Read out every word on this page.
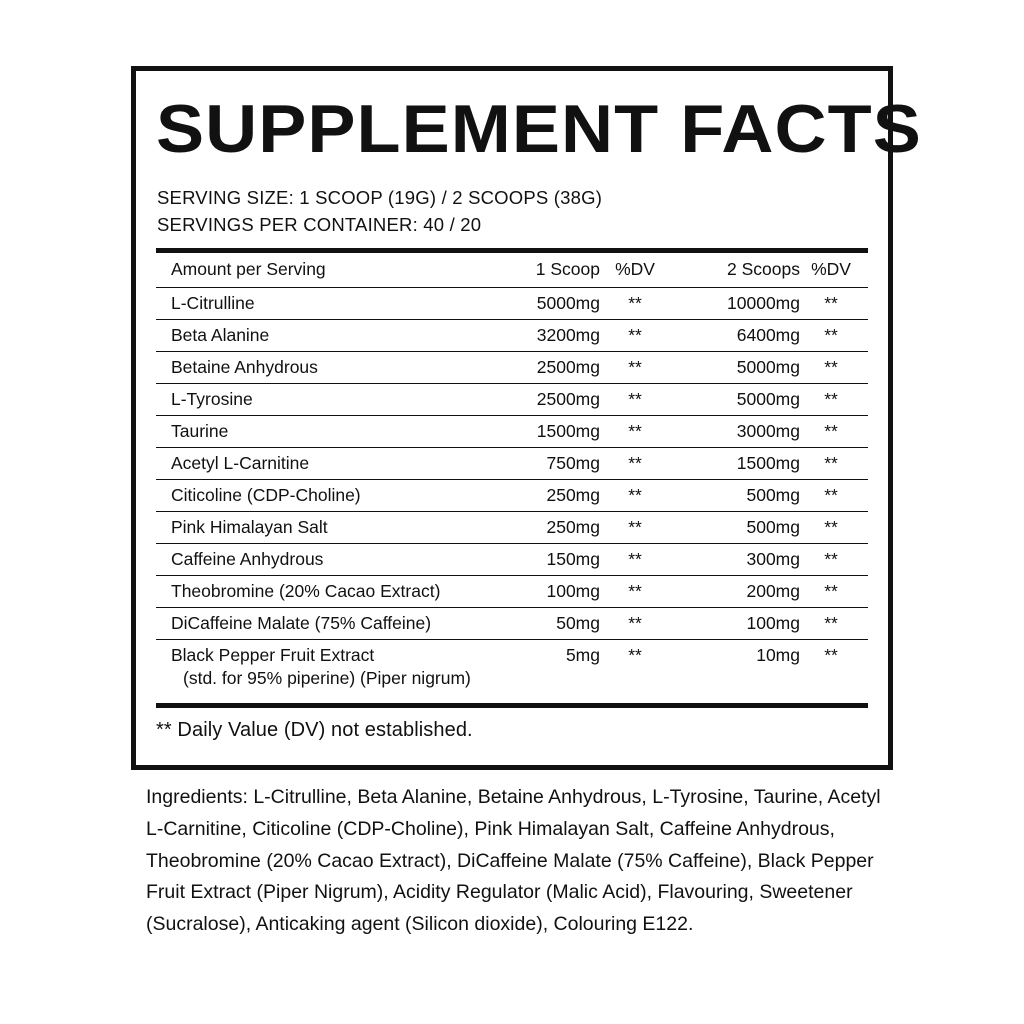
SUPPLEMENT FACTS
SERVING SIZE: 1 SCOOP (19G) / 2 SCOOPS (38G)
SERVINGS PER CONTAINER: 40 / 20
Amount per Serving	1 Scoop	%DV	2 Scoops	%DV
L-Citrulline	5000mg	**	10000mg	**
Beta Alanine	3200mg	**	6400mg	**
Betaine Anhydrous	2500mg	**	5000mg	**
L-Tyrosine	2500mg	**	5000mg	**
Taurine	1500mg	**	3000mg	**
Acetyl L-Carnitine	750mg	**	1500mg	**
Citicoline (CDP-Choline)	250mg	**	500mg	**
Pink Himalayan Salt	250mg	**	500mg	**
Caffeine Anhydrous	150mg	**	300mg	**
Theobromine (20% Cacao Extract)	100mg	**	200mg	**
DiCaffeine Malate (75% Caffeine)	50mg	**	100mg	**
Black Pepper Fruit Extract
(std. for 95% piperine) (Piper nigrum)	5mg	**	10mg	**
** Daily Value (DV) not established.
Ingredients: L-Citrulline, Beta Alanine, Betaine Anhydrous, L-Tyrosine, Taurine, Acetyl L-Carnitine, Citicoline (CDP-Choline), Pink Himalayan Salt, Caffeine Anhydrous, Theobromine (20% Cacao Extract), DiCaffeine Malate (75% Caffeine), Black Pepper Fruit Extract (Piper Nigrum), Acidity Regulator (Malic Acid), Flavouring, Sweetener (Sucralose), Anticaking agent (Silicon dioxide), Colouring E122.
